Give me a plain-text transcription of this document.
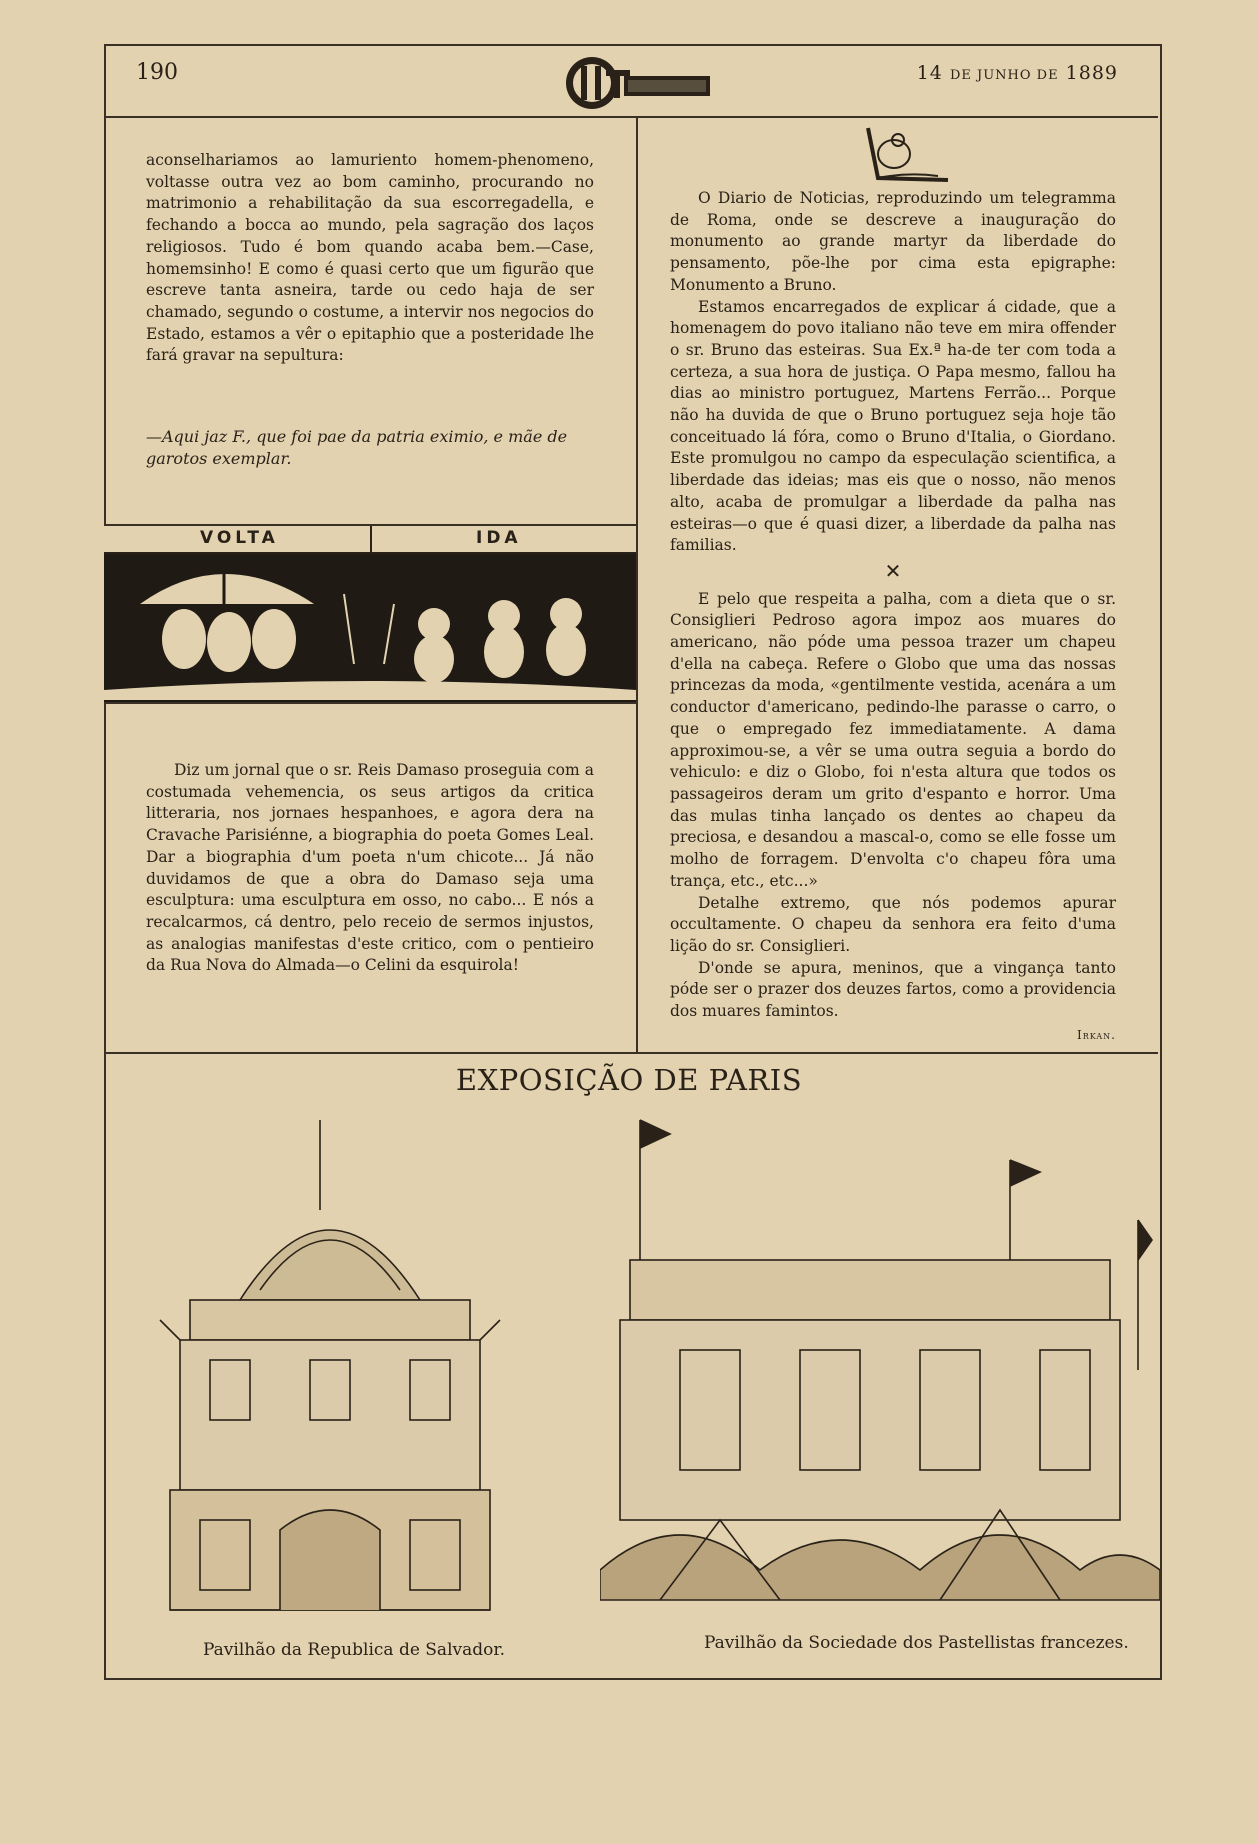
190	14 DE JUNHO DE 1889

aconselhariamos ao lamuriento homem-phenomeno, voltasse outra vez ao bom caminho, procurando no matrimonio a rehabilitação da sua escorregadella, e fechando a bocca ao mundo, pela sagração dos laços religiosos. Tudo é bom quando acaba bem.—Case, homemsinho! E como é quasi certo que um figurão que escreve tanta asneira, tarde ou cedo haja de ser chamado, segundo o costume, a intervir nos negocios do Estado, estamos a vêr o epitaphio que a posteridade lhe fará gravar na sepultura:

—Aqui jaz F., que foi pae da patria eximio, e mãe de garotos exemplar.
VOLTA	IDA

Diz um jornal que o sr. Reis Damaso proseguia com a costumada vehemencia, os seus artigos da critica litteraria, nos jornaes hespanhoes, e agora dera na Cravache Parisiénne, a biographia do poeta Gomes Leal. Dar a biographia d'um poeta n'um chicote... Já não duvidamos de que a obra do Damaso seja uma esculptura: uma esculptura em osso, no cabo... E nós a recalcarmos, cá dentro, pelo receio de sermos injustos, as analogias manifestas d'este critico, com o pentieiro da Rua Nova do Almada—o Celini da esquirola!

O Diario de Noticias, reproduzindo um telegramma de Roma, onde se descreve a inauguração do monumento ao grande martyr da liberdade do pensamento, põe-lhe por cima esta epigraphe: Monumento a Bruno.

Estamos encarregados de explicar á cidade, que a homenagem do povo italiano não teve em mira offender o sr. Bruno das esteiras. Sua Ex.ª ha-de ter com toda a certeza, a sua hora de justiça. O Papa mesmo, fallou ha dias ao ministro portuguez, Martens Ferrão... Porque não ha duvida de que o Bruno portuguez seja hoje tão conceituado lá fóra, como o Bruno d'Italia, o Giordano. Este promulgou no campo da especulação scientifica, a liberdade das ideias; mas eis que o nosso, não menos alto, acaba de promulgar a liberdade da palha nas esteiras—o que é quasi dizer, a liberdade da palha nas familias.

✕

E pelo que respeita a palha, com a dieta que o sr. Consiglieri Pedroso agora impoz aos muares do americano, não póde uma pessoa trazer um chapeu d'ella na cabeça. Refere o Globo que uma das nossas princezas da moda, «gentilmente vestida, acenára a um conductor d'americano, pedindo-lhe parasse o carro, o que o empregado fez immediatamente. A dama approximou-se, a vêr se uma outra seguia a bordo do vehiculo: e diz o Globo, foi n'esta altura que todos os passageiros deram um grito d'espanto e horror. Uma das mulas tinha lançado os dentes ao chapeu da preciosa, e desandou a mascal-o, como se elle fosse um molho de forragem. D'envolta c'o chapeu fôra uma trança, etc., etc...»

Detalhe extremo, que nós podemos apurar occultamente. O chapeu da senhora era feito d'uma lição do sr. Consiglieri.

D'onde se apura, meninos, que a vingança tanto póde ser o prazer dos deuzes fartos, como a providencia dos muares famintos.

Irkan.
EXPOSIÇÃO DE PARIS
Pavilhão da Republica de Salvador.	Pavilhão da Sociedade dos Pastellistas francezes.
